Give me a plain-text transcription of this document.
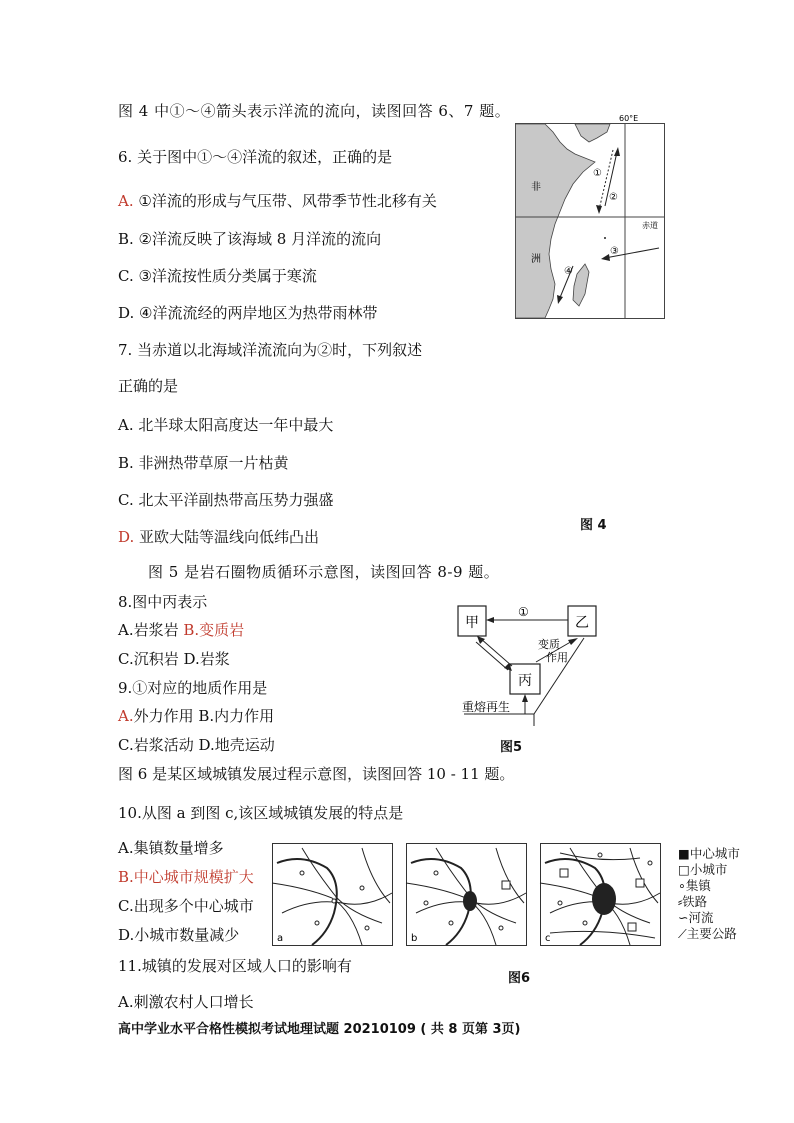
图 4 中①～④箭头表示洋流的流向，读图回答 6、7 题。
6. 关于图中①～④洋流的叙述，正确的是
A. ①洋流的形成与气压带、风带季节性北移有关
B. ②洋流反映了该海域 8 月洋流的流向
C. ③洋流按性质分类属于寒流
D. ④洋流流经的两岸地区为热带雨林带
7. 当赤道以北海域洋流流向为②时，下列叙述
正确的是
A. 北半球太阳高度达一年中最大
B. 非洲热带草原一片枯黄
C. 北太平洋副热带高压势力强盛
D. 亚欧大陆等温线向低纬凸出
60°E
赤道
非
洲
①
②
③
④
图 4
图 5 是岩石圈物质循环示意图，读图回答 8-9 题。
8.图中丙表示
A.岩浆岩 B.变质岩
C.沉积岩 D.岩浆
9.①对应的地质作用是
A.外力作用 B.内力作用
C.岩浆活动 D.地壳运动
甲	乙
丙
①
变质
作用
重熔再生
图5
图 6 是某区域城镇发展过程示意图，读图回答 10 - 11 题。
10.从图 a 到图 c,该区域城镇发展的特点是
A.集镇数量增多
B.中心城市规模扩大
C.出现多个中心城市
D.小城市数量减少
11.城镇的发展对区域人口的影响有
A.刺激农村人口增长
a	b	c
■中心城市
□小城市
∘集镇
⸗铁路
∽河流
⟋主要公路
图6
高中学业水平合格性模拟考试地理试题 20210109 ( 共 8 页第 3页)
